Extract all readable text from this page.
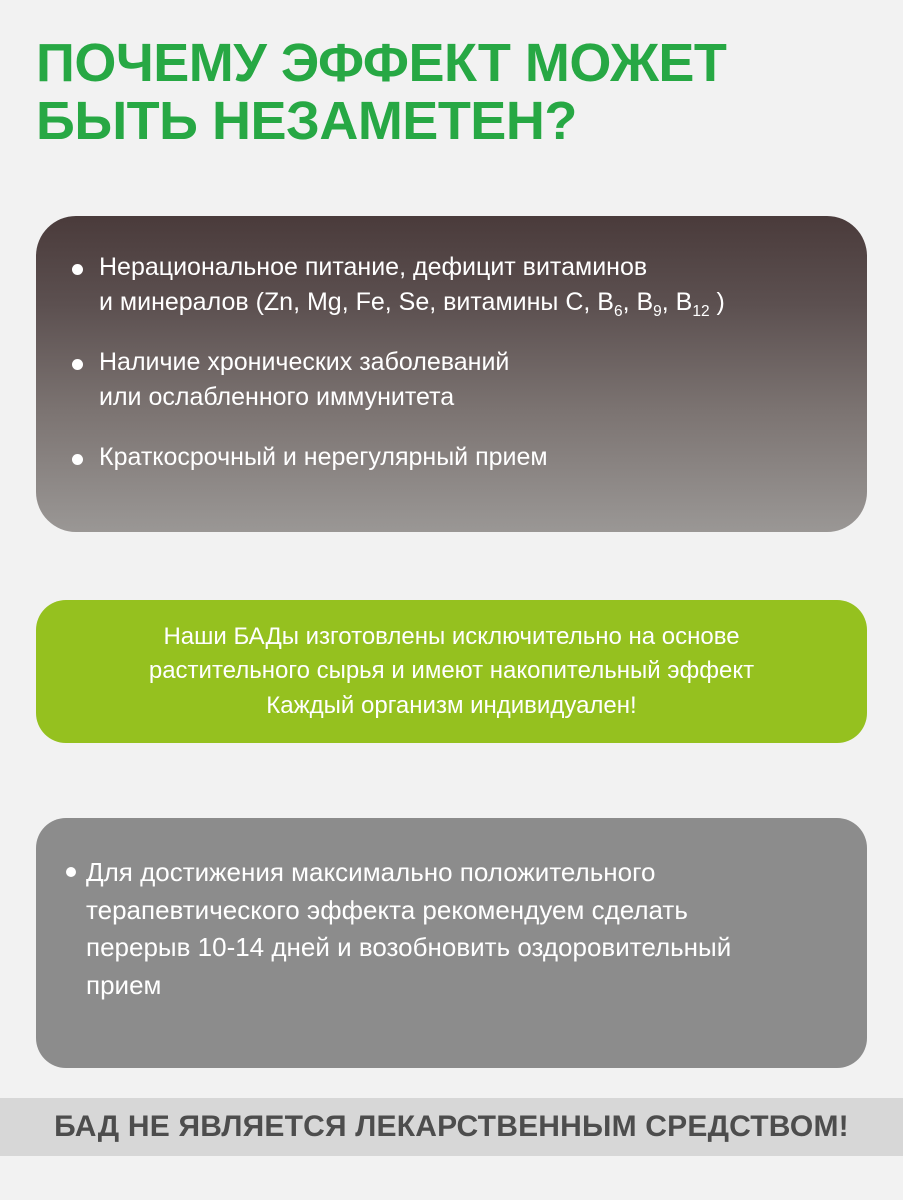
ПОЧЕМУ ЭФФЕКТ МОЖЕТ
БЫТЬ НЕЗАМЕТЕН?
Нерациональное питание, дефицит витаминов
и минералов (Zn, Mg, Fe, Se, витамины C, $B_6$, $B_9$, $B_{12}$ )
Наличие хронических заболеваний
или ослабленного иммунитета
Краткосрочный и нерегулярный прием
Наши БАДы изготовлены исключительно на основе
растительного сырья и имеют накопительный эффект
Каждый организм индивидуален!
Для достижения максимально положительного
терапевтического эффекта рекомендуем сделать
перерыв 10-14 дней и возобновить оздоровительный
прием
БАД НЕ ЯВЛЯЕТСЯ ЛЕКАРСТВЕННЫМ СРЕДСТВОМ!
